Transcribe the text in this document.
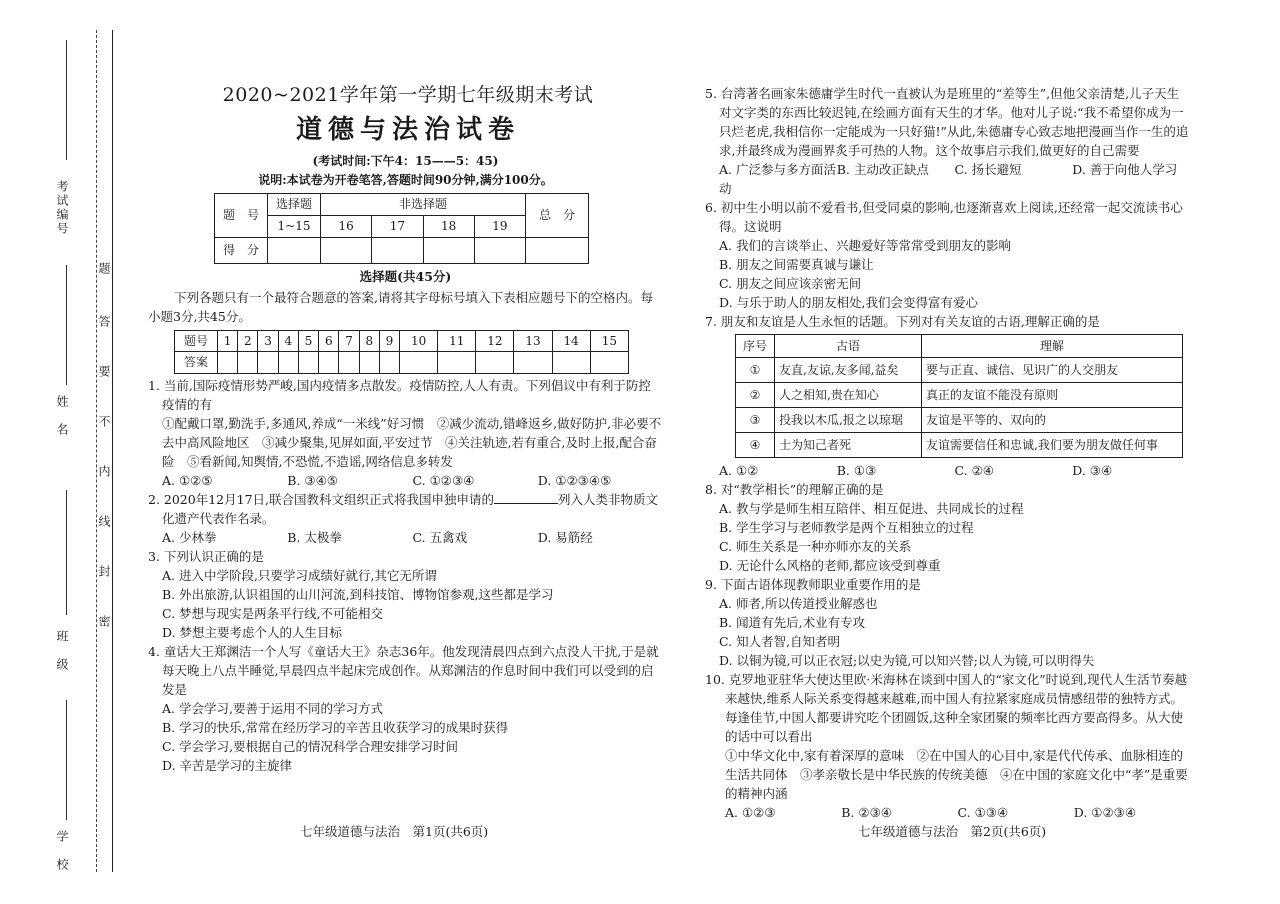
考试编号
姓　名
班　级
学　校
题
答
要
不
内
线
封
密
2020~2021学年第一学期七年级期末考试
道德与法治试卷
(考试时间:下午4：15——5：45)
说明:本试卷为开卷笔答,答题时间90分钟,满分100分。
题　号	选择题	非选择题				总　分
	1~15	16	17	18	19	
得　分						
选择题(共45分)

下列各题只有一个最符合题意的答案,请将其字母标号填入下表相应题号下的空格内。每小题3分,共45分。

题号	1	2	3	4	5	6	7	8	9	10	11	12	13	14	15
答案															

1. 当前,国际疫情形势严峻,国内疫情多点散发。疫情防控,人人有责。下列倡议中有利于防控疫情的有

①配戴口罩,勤洗手,多通风,养成“一米线”好习惯　②减少流动,错峰返乡,做好防护,非必要不去中高风险地区　③减少聚集,见屏如面,平安过节　④关注轨迹,若有重合,及时上报,配合奋险　⑤看新闻,知舆情,不恐慌,不造谣,网络信息多转发

A. ①②⑤	B. ③④⑤	C. ①②③④	D. ①②③④⑤

2. 2020年12月17日,联合国教科文组织正式将我国申独申请的	列入人类非物质文化遗产代表作名录。

A. 少林拳	B. 太极拳	C. 五禽戏	D. 易筋经

3. 下列认识正确的是

A. 进入中学阶段,只要学习成绩好就行,其它无所谓

B. 外出旅游,认识祖国的山川河流,到科技馆、博物馆参观,这些都是学习

C. 梦想与现实是两条平行线,不可能相交

D. 梦想主要考虑个人的人生目标

4. 童话大王郑渊洁一个人写《童话大王》杂志36年。他发现清晨四点到六点没人干扰,于是就每天晚上八点半睡觉,早晨四点半起床完成创作。从郑渊洁的作息时间中我们可以受到的启发是

A. 学会学习,要善于运用不同的学习方式

B. 学习的快乐,常常在经历学习的辛苦且收获学习的成果时获得

C. 学会学习,要根据自己的情况科学合理安排学习时间

D. 辛苦是学习的主旋律

七年级道德与法治　第1页(共6页)

5. 台湾著名画家朱德庸学生时代一直被认为是班里的“差等生”,但他父亲清楚,儿子天生对文字类的东西比较迟钝,在绘画方面有天生的才华。他对儿子说:“我不希望你成为一只烂老虎,我相信你一定能成为一只好猫!”从此,朱德庸专心致志地把漫画当作一生的追求,并最终成为漫画界炙手可热的人物。这个故事启示我们,做更好的自己需要

A. 广泛参与多方面活动
B. 主动改正缺点	C. 扬长避短	D. 善于向他人学习

6. 初中生小明以前不爱看书,但受同桌的影响,也逐渐喜欢上阅读,还经常一起交流读书心得。这说明

A. 我们的言谈举止、兴趣爱好等常常受到朋友的影响

B. 朋友之间需要真诚与谦让

C. 朋友之间应该亲密无间

D. 与乐于助人的朋友相处,我们会变得富有爱心

7. 朋友和友谊是人生永恒的话题。下列对有关友谊的古语,理解正确的是

序号	古语	理解
①	友直,友谅,友多闻,益矣	要与正直、诚信、见识广的人交朋友
②	人之相知,贵在知心	真正的友谊不能没有原则
③	投我以木瓜,报之以琼琚	友谊是平等的、双向的
④	士为知己者死	友谊需要信任和忠诚,我们要为朋友做任何事
A. ①②	B. ①③	C. ②④	D. ③④

8. 对“教学相长”的理解正确的是

A. 教与学是师生相互陪伴、相互促进、共同成长的过程

B. 学生学习与老师教学是两个互相独立的过程

C. 师生关系是一种亦师亦友的关系

D. 无论什么风格的老师,都应该受到尊重

9. 下面古语体现教师职业重要作用的是

A. 师者,所以传道授业解惑也

B. 闻道有先后,术业有专攻

C. 知人者智,自知者明

D. 以铜为镜,可以正衣冠;以史为镜,可以知兴替;以人为镜,可以明得失

10. 克罗地亚驻华大使达里欧·米海林在谈到中国人的“家文化”时说到,现代人生活节奏越来越快,维系人际关系变得越来越难,而中国人有拉紧家庭成员情感纽带的独特方式。每逢佳节,中国人都要讲究吃个团圆饭,这种全家团聚的频率比西方要高得多。从大使的话中可以看出

①中华文化中,家有着深厚的意味　②在中国人的心目中,家是代代传承、血脉相连的生活共同体　③孝亲敬长是中华民族的传统美德　④在中国的家庭文化中“孝”是重要的精神内涵

A. ①②③	B. ②③④	C. ①③④	D. ①②③④
七年级道德与法治　第2页(共6页)
